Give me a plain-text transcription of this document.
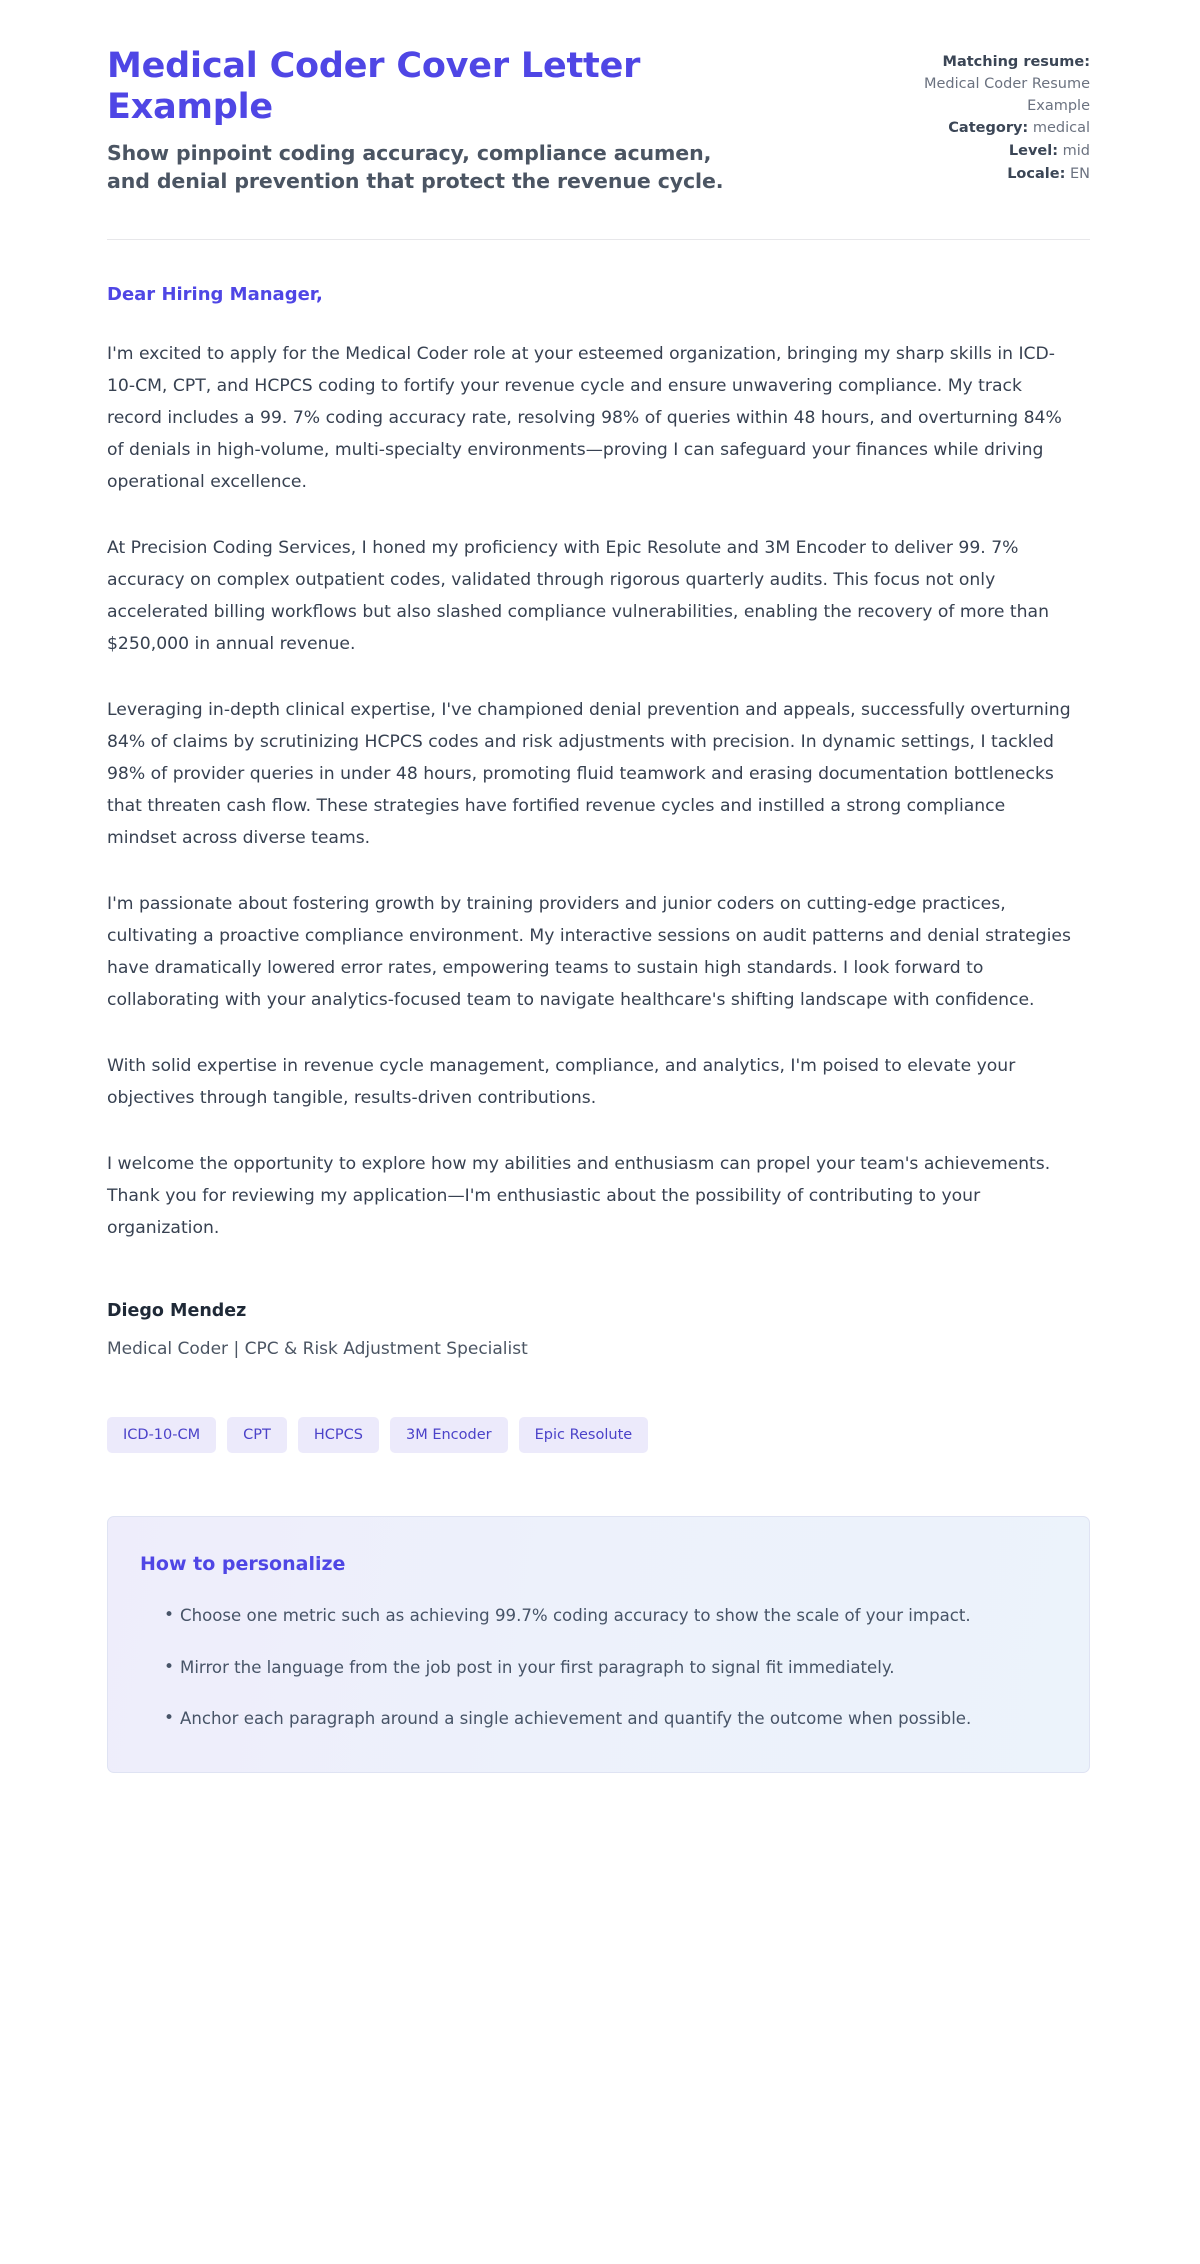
Medical Coder Cover Letter Example

Show pinpoint coding accuracy, compliance acumen, and denial prevention that protect the revenue cycle.

Matching resume:
Medical Coder Resume Example
Category: medical
Level: mid
Locale: EN

Dear Hiring Manager,

I'm excited to apply for the Medical Coder role at your esteemed organization, bringing my sharp skills in ICD-10-CM, CPT, and HCPCS coding to fortify your revenue cycle and ensure unwavering compliance. My track record includes a 99. 7% coding accuracy rate, resolving 98% of queries within 48 hours, and overturning 84% of denials in high-volume, multi-specialty environments—proving I can safeguard your finances while driving operational excellence.

At Precision Coding Services, I honed my proficiency with Epic Resolute and 3M Encoder to deliver 99. 7% accuracy on complex outpatient codes, validated through rigorous quarterly audits. This focus not only accelerated billing workflows but also slashed compliance vulnerabilities, enabling the recovery of more than $250,000 in annual revenue.

Leveraging in-depth clinical expertise, I've championed denial prevention and appeals, successfully overturning 84% of claims by scrutinizing HCPCS codes and risk adjustments with precision. In dynamic settings, I tackled 98% of provider queries in under 48 hours, promoting fluid teamwork and erasing documentation bottlenecks that threaten cash flow. These strategies have fortified revenue cycles and instilled a strong compliance mindset across diverse teams.

I'm passionate about fostering growth by training providers and junior coders on cutting-edge practices, cultivating a proactive compliance environment. My interactive sessions on audit patterns and denial strategies have dramatically lowered error rates, empowering teams to sustain high standards. I look forward to collaborating with your analytics-focused team to navigate healthcare's shifting landscape with confidence.

With solid expertise in revenue cycle management, compliance, and analytics, I'm poised to elevate your objectives through tangible, results-driven contributions.

I welcome the opportunity to explore how my abilities and enthusiasm can propel your team's achievements. Thank you for reviewing my application—I'm enthusiastic about the possibility of contributing to your organization.

Diego Mendez

Medical Coder | CPC & Risk Adjustment Specialist

ICD-10-CM	CPT	HCPCS	3M Encoder	Epic Resolute
How to personalize
• Choose one metric such as achieving 99.7% coding accuracy to show the scale of your impact.
• Mirror the language from the job post in your first paragraph to signal fit immediately.
• Anchor each paragraph around a single achievement and quantify the outcome when possible.
